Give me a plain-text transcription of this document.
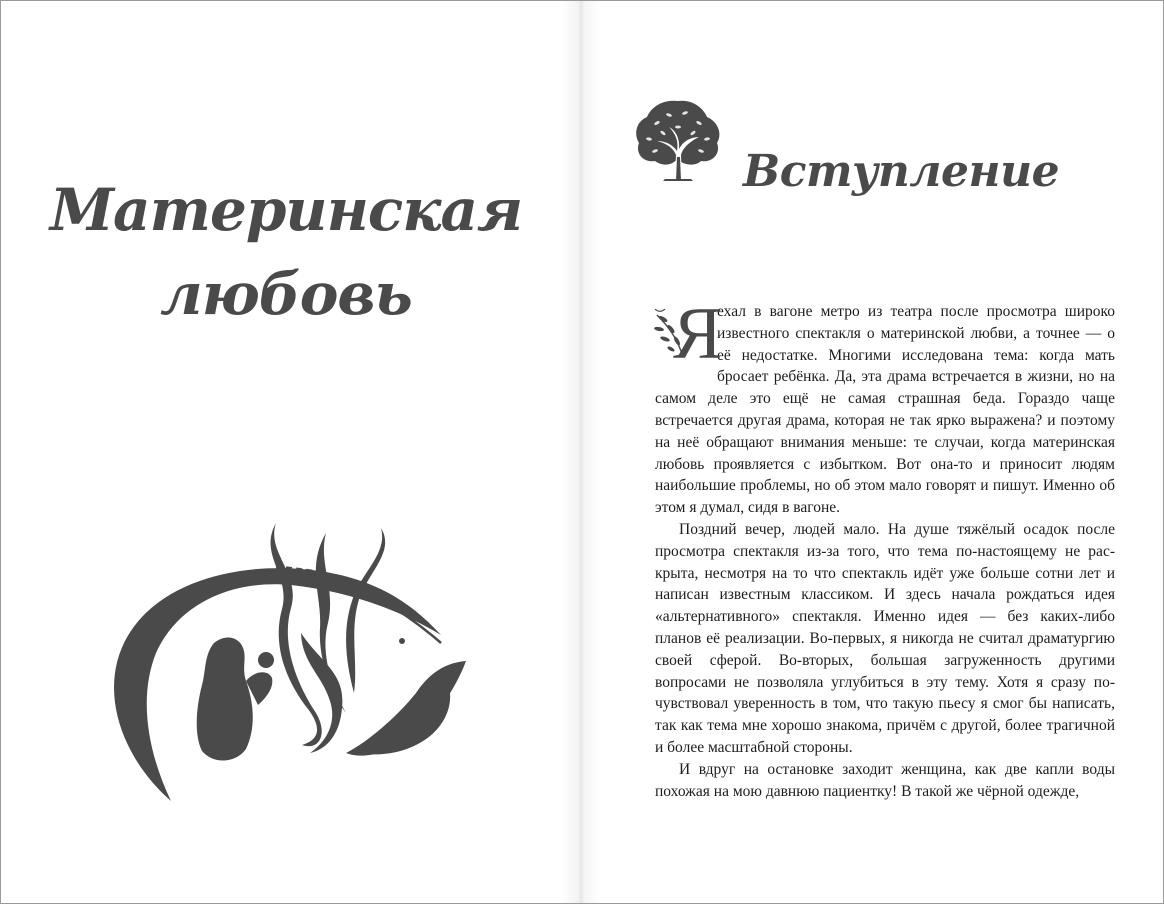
Материнская
любовь
Вступление

Я
ехал в вагоне метро из театра после просмотра широко известного спектакля о материнской любви, а точнее — о её недостатке. Многими исследована тема: когда мать бросает ребёнка. Да, эта драма встречается в жизни, но на самом деле это ещё не самая страшная беда. Гораздо чаще встречается другая драма, которая не так ярко выражена? и поэтому на неё обращают внимания меньше: те случаи, когда материнская любовь проявляется с избытком. Вот она-то и приносит людям наибольшие проблемы, но об этом мало говорят и пишут. Именно об этом я думал, сидя в вагоне.

Поздний вечер, людей мало. На душе тяжёлый осадок после просмотра спектакля из-за того, что тема по-настоящему не раскрыта, несмотря на то что спектакль идёт уже больше сотни лет и написан известным классиком. И здесь начала рождаться идея «альтернативного» спектакля. Именно идея — без каких-либо планов её реализации. Во-первых, я никогда не считал драматургию своей сферой. Во-вторых, большая загруженность другими вопросами не позволяла углубиться в эту тему. Хотя я сразу почувствовал уверенность в том, что такую пьесу я смог бы написать, так как тема мне хорошо знакома, причём с другой, более трагичной и более масштабной стороны.

И вдруг на остановке заходит женщина, как две капли воды похожая на мою давнюю пациентку! В такой же чёрной одежде,
